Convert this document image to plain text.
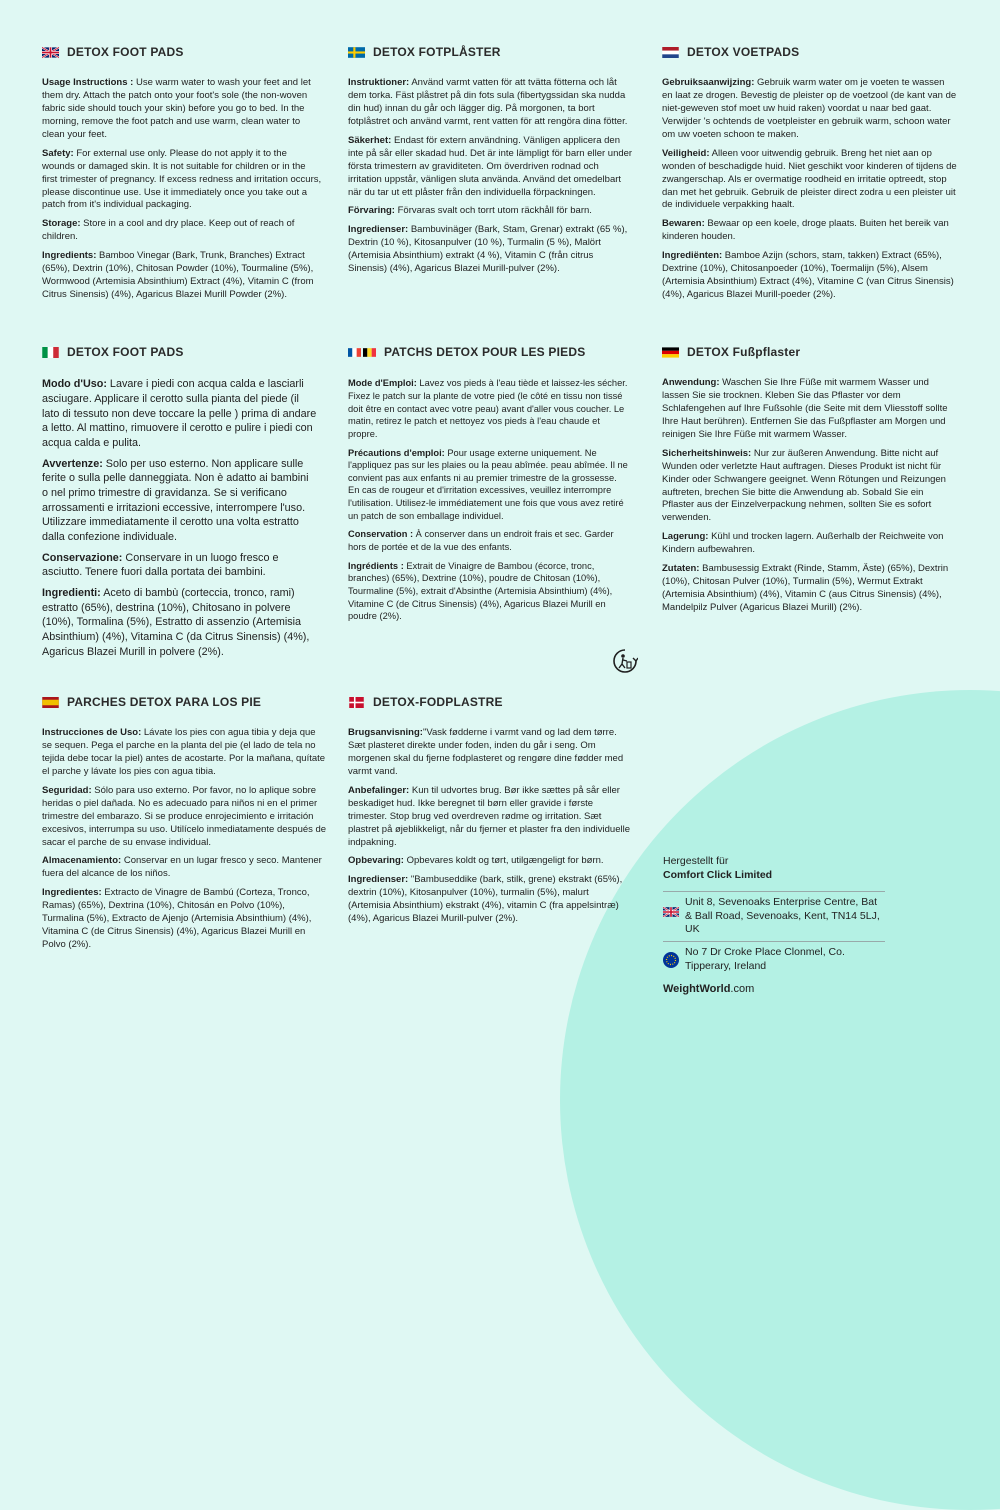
DETOX FOOT PADS

Usage Instructions : Use warm water to wash your feet and let them dry. Attach the patch onto your foot's sole (the non-woven fabric side should touch your skin) before you go to bed. In the morning, remove the foot patch and use warm, clean water to clean your feet.

Safety: For external use only. Please do not apply it to the wounds or damaged skin. It is not suitable for children or in the first trimester of pregnancy. If excess redness and irritation occurs, please discontinue use. Use it immediately once you take out a patch from it's individual packaging.

Storage: Store in a cool and dry place. Keep out of reach of children.

Ingredients: Bamboo Vinegar (Bark, Trunk, Branches) Extract (65%), Dextrin (10%), Chitosan Powder (10%), Tourmaline (5%), Wormwood (Artemisia Absinthium) Extract (4%), Vitamin C (from Citrus Sinensis) (4%), Agaricus Blazei Murill Powder (2%).

DETOX FOTPLÅSTER

Instruktioner: Använd varmt vatten för att tvätta fötterna och låt dem torka. Fäst plåstret på din fots sula (fibertygssidan ska nudda din hud) innan du går och lägger dig. På morgonen, ta bort fotplåstret och använd varmt, rent vatten för att rengöra dina fötter.

Säkerhet: Endast för extern användning. Vänligen applicera den inte på sår eller skadad hud. Det är inte lämpligt för barn eller under första trimestern av graviditeten. Om överdriven rodnad och irritation uppstår, vänligen sluta använda. Använd det omedelbart när du tar ut ett plåster från den individuella förpackningen.

Förvaring: Förvaras svalt och torrt utom räckhåll för barn.

Ingredienser: Bambuvinäger (Bark, Stam, Grenar) extrakt (65 %), Dextrin (10 %), Kitosanpulver (10 %), Turmalin (5 %), Malört (Artemisia Absinthium) extrakt (4 %), Vitamin C (från citrus Sinensis) (4%), Agaricus Blazei Murill-pulver (2%).

DETOX VOETPADS

Gebruiksaanwijzing: Gebruik warm water om je voeten te wassen en laat ze drogen. Bevestig de pleister op de voetzool (de kant van de niet-geweven stof moet uw huid raken) voordat u naar bed gaat. Verwijder 's ochtends de voetpleister en gebruik warm, schoon water om uw voeten schoon te maken.

Veiligheid: Alleen voor uitwendig gebruik. Breng het niet aan op wonden of beschadigde huid. Niet geschikt voor kinderen of tijdens de zwangerschap. Als er overmatige roodheid en irritatie optreedt, stop dan met het gebruik. Gebruik de pleister direct zodra u een pleister uit de individuele verpakking haalt.

Bewaren: Bewaar op een koele, droge plaats. Buiten het bereik van kinderen houden.

Ingrediënten: Bamboe Azijn (schors, stam, takken) Extract (65%), Dextrine (10%), Chitosanpoeder (10%), Toermalijn (5%), Alsem (Artemisia Absinthium) Extract (4%), Vitamine C (van Citrus Sinensis) (4%), Agaricus Blazei Murill-poeder (2%).

DETOX FOOT PADS

Modo d'Uso: Lavare i piedi con acqua calda e lasciarli asciugare. Applicare il cerotto sulla pianta del piede (il lato di tessuto non deve toccare la pelle ) prima di andare a letto. Al mattino, rimuovere il cerotto e pulire i piedi con acqua calda e pulita.

Avvertenze: Solo per uso esterno. Non applicare sulle ferite o sulla pelle danneggiata. Non è adatto ai bambini o nel primo trimestre di gravidanza. Se si verificano arrossamenti e irritazioni eccessive, interrompere l'uso. Utilizzare immediatamente il cerotto una volta estratto dalla confezione individuale.

Conservazione: Conservare in un luogo fresco e asciutto. Tenere fuori dalla portata dei bambini.

Ingredienti: Aceto di bambù (corteccia, tronco, rami) estratto (65%), destrina (10%), Chitosano in polvere (10%), Tormalina (5%), Estratto di assenzio (Artemisia Absinthium) (4%), Vitamina C (da Citrus Sinensis) (4%), Agaricus Blazei Murill in polvere (2%).

PATCHS DETOX POUR LES PIEDS

Mode d'Emploi: Lavez vos pieds à l'eau tiède et laissez-les sécher. Fixez le patch sur la plante de votre pied (le côté en tissu non tissé doit être en contact avec votre peau) avant d'aller vous coucher. Le matin, retirez le patch et nettoyez vos pieds à l'eau chaude et propre.

Précautions d'emploi: Pour usage externe uniquement. Ne l'appliquez pas sur les plaies ou la peau abîmée. peau abîmée. Il ne convient pas aux enfants ni au premier trimestre de la grossesse. En cas de rougeur et d'irritation excessives, veuillez interrompre l'utilisation. Utilisez-le immédiatement une fois que vous avez retiré un patch de son emballage individuel.

Conservation : À conserver dans un endroit frais et sec. Garder hors de portée et de la vue des enfants.

Ingrédients : Extrait de Vinaigre de Bambou (écorce, tronc, branches) (65%), Dextrine (10%), poudre de Chitosan (10%), Tourmaline (5%), extrait d'Absinthe (Artemisia Absinthium) (4%), Vitamine C (de Citrus Sinensis) (4%), Agaricus Blazei Murill en poudre (2%).

DETOX Fußpflaster

Anwendung: Waschen Sie Ihre Füße mit warmem Wasser und lassen Sie sie trocknen. Kleben Sie das Pflaster vor dem Schlafengehen auf Ihre Fußsohle (die Seite mit dem Vliesstoff sollte Ihre Haut berühren). Entfernen Sie das Fußpflaster am Morgen und reinigen Sie Ihre Füße mit warmem Wasser.

Sicherheitshinweis: Nur zur äußeren Anwendung. Bitte nicht auf Wunden oder verletzte Haut auftragen. Dieses Produkt ist nicht für Kinder oder Schwangere geeignet. Wenn Rötungen und Reizungen auftreten, brechen Sie bitte die Anwendung ab. Sobald Sie ein Pflaster aus der Einzelverpackung nehmen, sollten Sie es sofort verwenden.

Lagerung: Kühl und trocken lagern. Außerhalb der Reichweite von Kindern aufbewahren.

Zutaten: Bambusessig Extrakt (Rinde, Stamm, Äste) (65%), Dextrin (10%), Chitosan Pulver (10%), Turmalin (5%), Wermut Extrakt (Artemisia Absinthium) (4%), Vitamin C (aus Citrus Sinensis) (4%), Mandelpilz Pulver (Agaricus Blazei Murill) (2%).

PARCHES DETOX PARA LOS PIE

Instrucciones de Uso: Lávate los pies con agua tibia y deja que se sequen. Pega el parche en la planta del pie (el lado de tela no tejida debe tocar la piel) antes de acostarte. Por la mañana, quítate el parche y lávate los pies con agua tibia.

Seguridad: Sólo para uso externo. Por favor, no lo aplique sobre heridas o piel dañada. No es adecuado para niños ni en el primer trimestre del embarazo. Si se produce enrojecimiento e irritación excesivos, interrumpa su uso. Utilícelo inmediatamente después de sacar el parche de su envase individual.

Almacenamiento: Conservar en un lugar fresco y seco. Mantener fuera del alcance de los niños.

Ingredientes: Extracto de Vinagre de Bambú (Corteza, Tronco, Ramas) (65%), Dextrina (10%), Chitosán en Polvo (10%), Turmalina (5%), Extracto de Ajenjo (Artemisia Absinthium) (4%), Vitamina C (de Citrus Sinensis) (4%), Agaricus Blazei Murill en Polvo (2%).

DETOX-FODPLASTRE

Brugsanvisning:"Vask fødderne i varmt vand og lad dem tørre. Sæt plasteret direkte under foden, inden du går i seng. Om morgenen skal du fjerne fodplasteret og rengøre dine fødder med varmt vand.

Anbefalinger: Kun til udvortes brug. Bør ikke sættes på sår eller beskadiget hud. Ikke beregnet til børn eller gravide i første trimester. Stop brug ved overdreven rødme og irritation. Sæt plastret på øjeblikkeligt, når du fjerner et plaster fra den individuelle indpakning.

Opbevaring: Opbevares koldt og tørt, utilgængeligt for børn.

Ingredienser: "Bambuseddike (bark, stilk, grene) ekstrakt (65%), dextrin (10%), Kitosanpulver (10%), turmalin (5%), malurt (Artemisia Absinthium) ekstrakt (4%), vitamin C (fra appelsintræ) (4%), Agaricus Blazei Murill-pulver (2%).

Hergestellt für
Comfort Click Limited
Unit 8, Sevenoaks Enterprise Centre, Bat & Ball Road, Sevenoaks, Kent, TN14 5LJ, UK
No 7 Dr Croke Place Clonmel, Co. Tipperary, Ireland
WeightWorld.com
